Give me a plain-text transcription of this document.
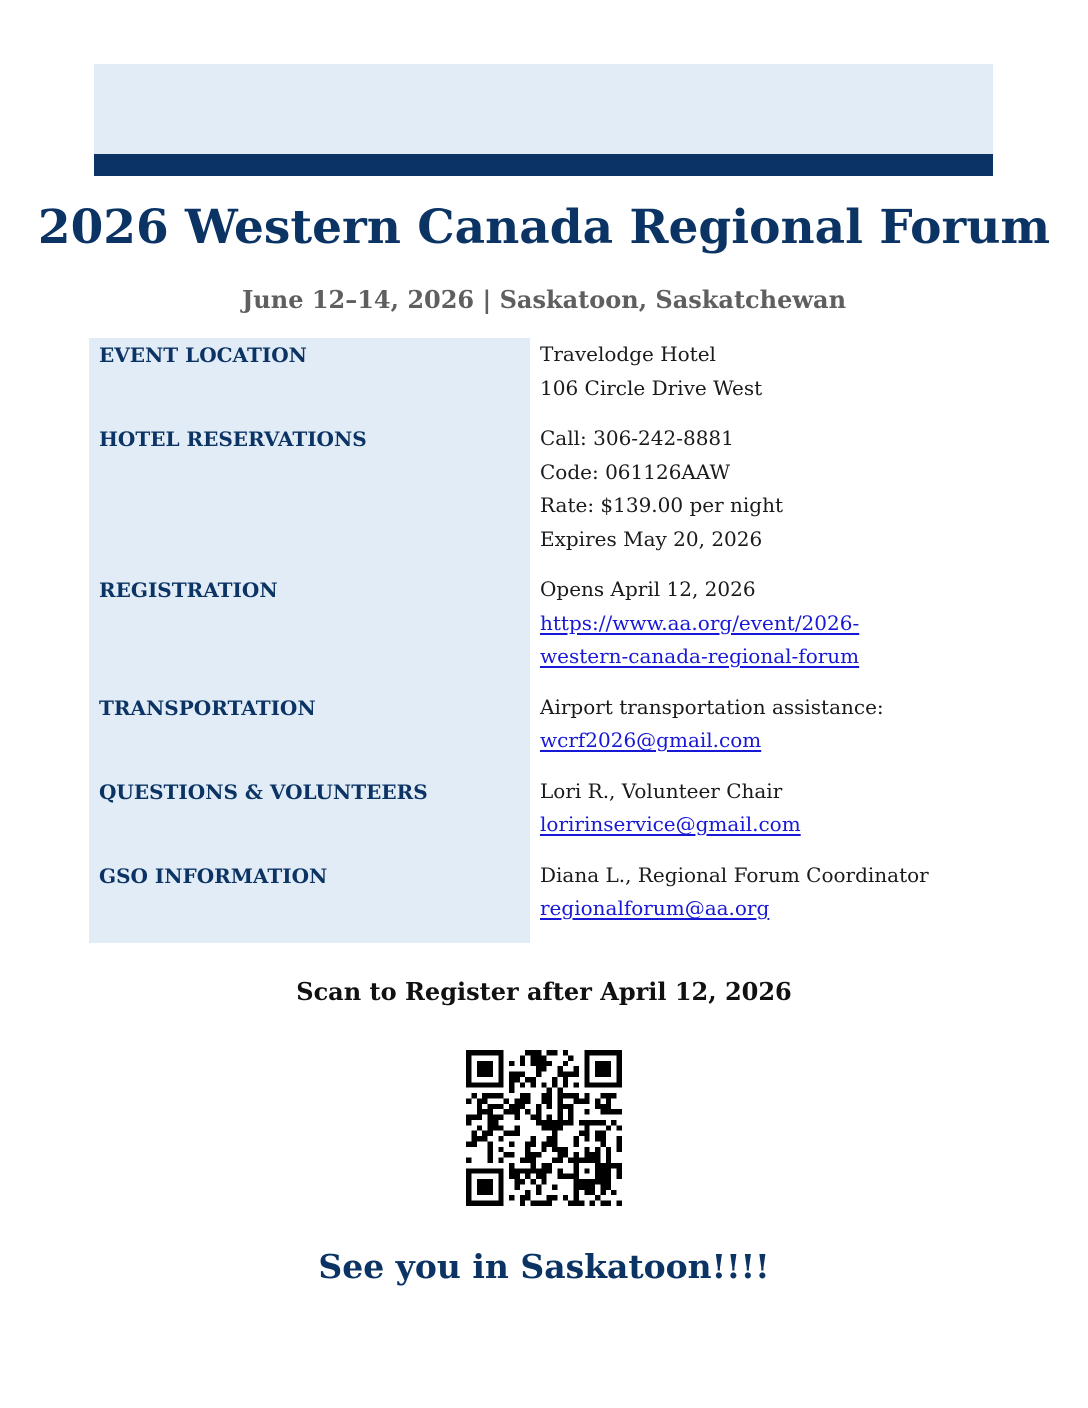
2026 Western Canada Regional Forum
June 12–14, 2026 | Saskatoon, Saskatchewan
EVENT LOCATION	Travelodge Hotel
106 Circle Drive West
HOTEL RESERVATIONS	Call: 306-242-8881
Code: 061126AAW
Rate: $139.00 per night
Expires May 20, 2026
REGISTRATION	Opens April 12, 2026
https://www.aa.org/event/2026-
western-canada-regional-forum
TRANSPORTATION	Airport transportation assistance:
wcrf2026@gmail.com
QUESTIONS & VOLUNTEERS	Lori R., Volunteer Chair
loririnservice@gmail.com
GSO INFORMATION	Diana L., Regional Forum Coordinator
regionalforum@aa.org
Scan to Register after April 12, 2026
See you in Saskatoon!!!!
